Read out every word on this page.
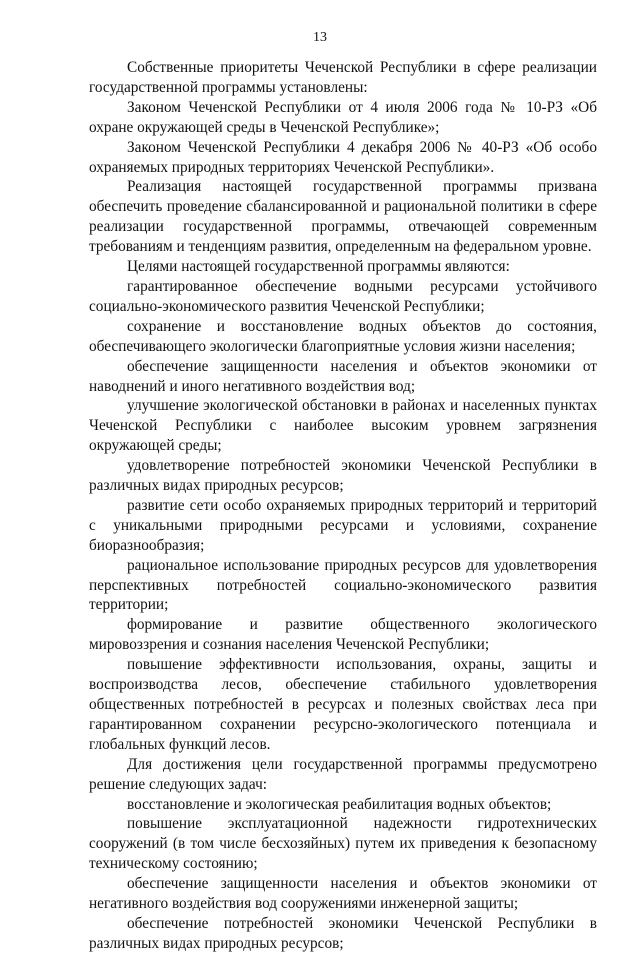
13

Собственные приоритеты Чеченской Республики в сфере реализации государственной программы установлены:

Законом Чеченской Республики от 4 июля 2006 года № 10-РЗ «Об охране окружающей среды в Чеченской Республике»;

Законом Чеченской Республики 4 декабря 2006 № 40-РЗ «Об особо охраняемых природных территориях Чеченской Республики».

Реализация настоящей государственной программы призвана обеспечить проведение сбалансированной и рациональной политики в сфере реализации государственной программы, отвечающей современным требованиям и тенденциям развития, определенным на федеральном уровне.

Целями настоящей государственной программы являются:

гарантированное обеспечение водными ресурсами устойчивого социально-экономического развития Чеченской Республики;

сохранение и восстановление водных объектов до состояния, обеспечивающего экологически благоприятные условия жизни населения;

обеспечение защищенности населения и объектов экономики от наводнений и иного негативного воздействия вод;

улучшение экологической обстановки в районах и населенных пунктах Чеченской Республики с наиболее высоким уровнем загрязнения окружающей среды;

удовлетворение потребностей экономики Чеченской Республики в различных видах природных ресурсов;

развитие сети особо охраняемых природных территорий и территорий с уникальными природными ресурсами и условиями, сохранение биоразнообразия;

рациональное использование природных ресурсов для удовлетворения перспективных потребностей социально-экономического развития территории;

формирование и развитие общественного экологического мировоззрения и сознания населения Чеченской Республики;

повышение эффективности использования, охраны, защиты и воспроизводства лесов, обеспечение стабильного удовлетворения общественных потребностей в ресурсах и полезных свойствах леса при гарантированном сохранении ресурсно-экологического потенциала и глобальных функций лесов.

Для достижения цели государственной программы предусмотрено решение следующих задач:

восстановление и экологическая реабилитация водных объектов;

повышение эксплуатационной надежности гидротехнических сооружений (в том числе бесхозяйных) путем их приведения к безопасному техническому состоянию;

обеспечение защищенности населения и объектов экономики от негативного воздействия вод сооружениями инженерной защиты;

обеспечение потребностей экономики Чеченской Республики в различных видах природных ресурсов;
